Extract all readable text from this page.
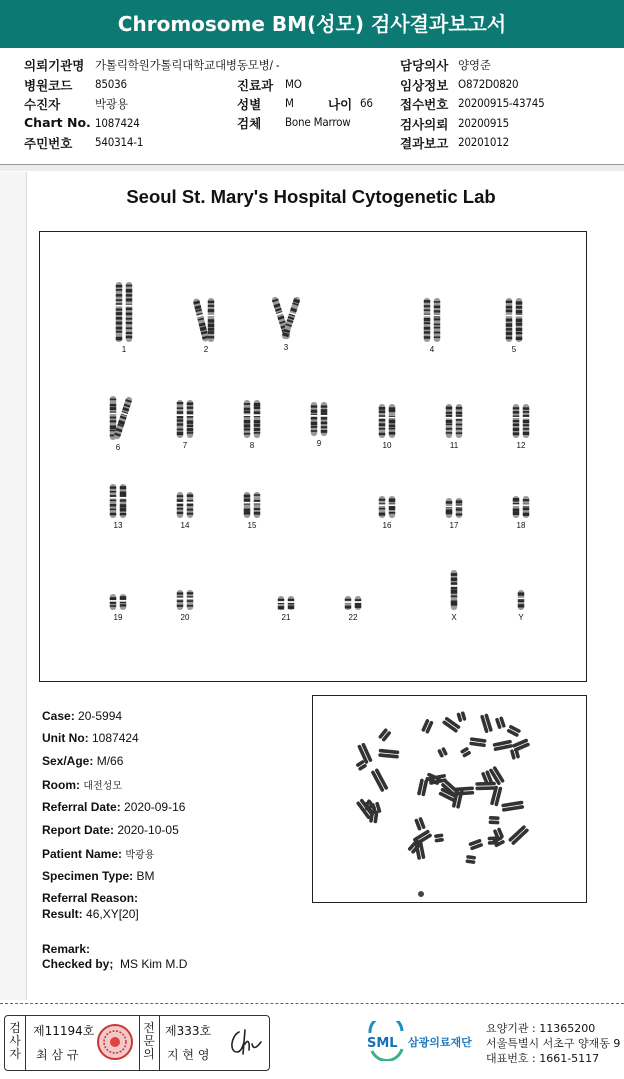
Chromosome BM(성모) 검사결과보고서
의뢰기관명 가톨릭학원가톨릭대학교대병동모병/ -	담당의사 양영준
병원코드 85036	진료과 MO	임상정보 O872D0820
수진자	박광용	성별 M	나이 66 접수번호 20200915-43745
Chart No. 1087424	검체 Bone Marrow	검사의뢰 20200915
주민번호 540314-1	결과보고 20201012
Seoul St. Mary's Hospital Cytogenetic Lab
1	2	3	4	5
6	7	8	9	10	11	12
13	14	15	16	17	18
19	20	21	22	X	Y
Case: 20-5994
Unit No: 1087424
Sex/Age: M/66
Room: 대전성모
Referral Date: 2020-09-16
Report Date: 2020-10-05
Patient Name: 박광용
Specimen Type: BM
Referral Reason:
Result: 46,XY[20]
Remark:
Checked by; MS Kim M.D
검
사
자
제11194호
최 삼 규
전
문
의
제333호
지 현 영
SML 삼광의료재단
요양기관 : 11365200
서울특별시 서초구 양재동 9
대표번호 : 1661-5117
